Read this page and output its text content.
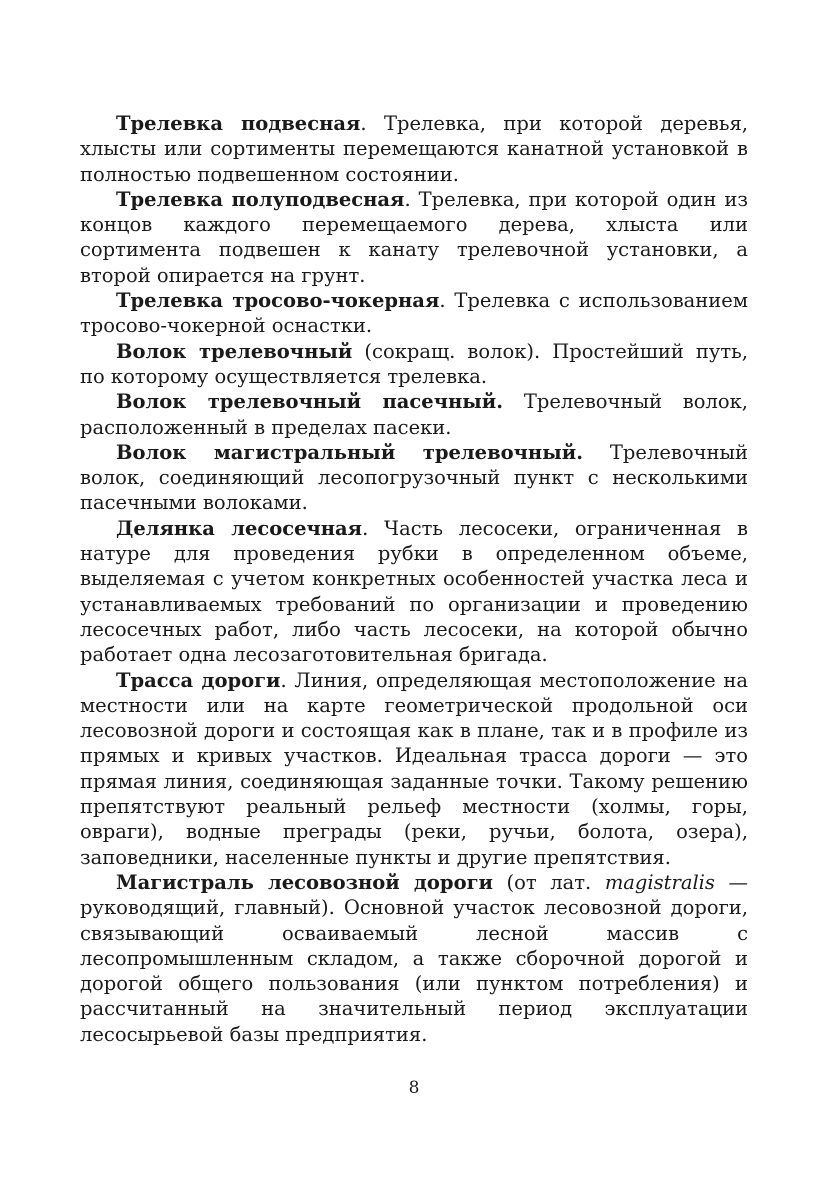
Трелевка подвесная. Трелевка, при которой деревья, хлысты или сортименты перемещаются канатной установкой в полностью подвешенном состоянии.

Трелевка полуподвесная. Трелевка, при которой один из концов каждого перемещаемого дерева, хлыста или сортимента подвешен к канату трелевочной установки, а второй опирается на грунт.

Трелевка тросово-чокерная. Трелевка с использованием тросово-чокерной оснастки.

Волок трелевочный (сокращ. волок). Простейший путь, по которому осуществляется трелевка.

Волок трелевочный пасечный. Трелевочный волок, расположенный в пределах пасеки.

Волок магистральный трелевочный. Трелевочный волок, соединяющий лесопогрузочный пункт с несколькими пасечными волоками.

Делянка лесосечная. Часть лесосеки, ограниченная в натуре для проведения рубки в определенном объеме, выделяемая с учетом конкретных особенностей участка леса и устанавливаемых требований по организации и проведению лесосечных работ, либо часть лесосеки, на которой обычно работает одна лесозаготовительная бригада.

Трасса дороги. Линия, определяющая местоположение на местности или на карте геометрической продольной оси лесовозной дороги и состоящая как в плане, так и в профиле из прямых и кривых участков. Идеальная трасса дороги — это прямая линия, соединяющая заданные точки. Такому решению препятствуют реальный рельеф местности (холмы, горы, овраги), водные преграды (реки, ручьи, болота, озера), заповедники, населенные пункты и другие препятствия.

Магистраль лесовозной дороги (от лат. magistralis — руководящий, главный). Основной участок лесовозной дороги, связывающий осваиваемый лесной массив с лесопромышленным складом, а также сборочной дорогой и дорогой общего пользования (или пунктом потребления) и рассчитанный на значительный период эксплуатации лесосырьевой базы предприятия.

8
